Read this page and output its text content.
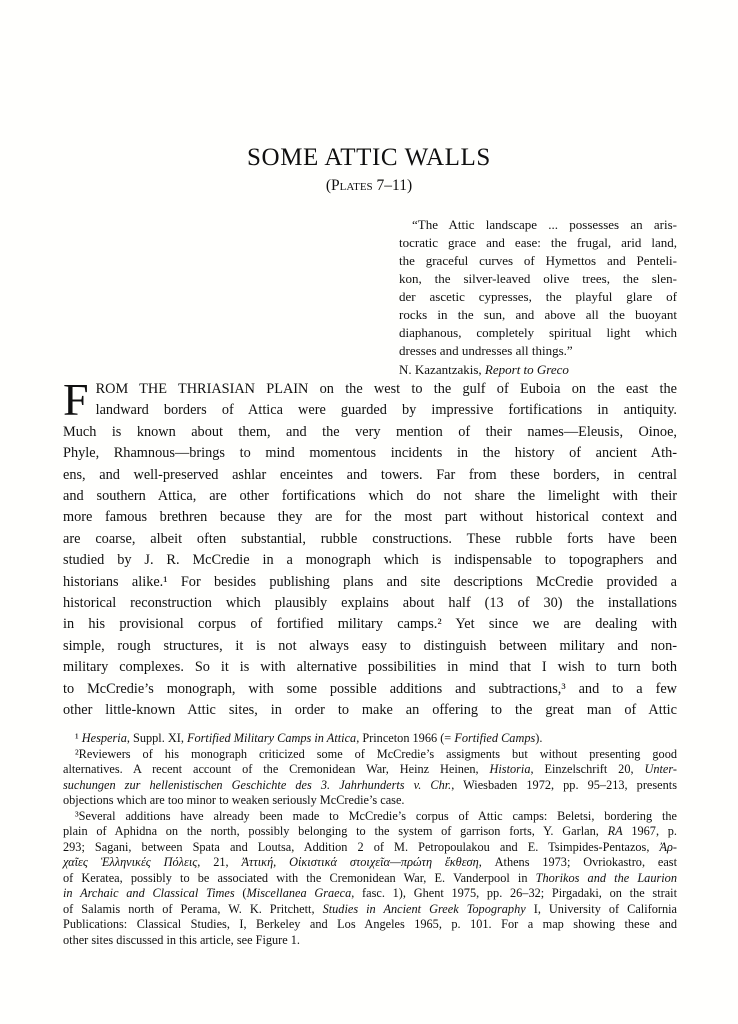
SOME ATTIC WALLS
(Plates 7–11)
“The Attic landscape ... possesses an aris-
tocratic grace and ease: the frugal, arid land,
the graceful curves of Hymettos and Penteli-
kon, the silver-leaved olive trees, the slen-
der ascetic cypresses, the playful glare of
rocks in the sun, and above all the buoyant
diaphanous, completely spiritual light which
dresses and undresses all things.”
N. Kazantzakis, Report to Greco
F ROM THE THRIASIAN PLAIN on the west to the gulf of Euboia on the east the
landward borders of Attica were guarded by impressive fortifications in antiquity.
Much is known about them, and the very mention of their names—Eleusis, Oinoe,
Phyle, Rhamnous—brings to mind momentous incidents in the history of ancient Ath-
ens, and well-preserved ashlar enceintes and towers. Far from these borders, in central
and southern Attica, are other fortifications which do not share the limelight with their
more famous brethren because they are for the most part without historical context and
are coarse, albeit often substantial, rubble constructions. These rubble forts have been
studied by J. R. McCredie in a monograph which is indispensable to topographers and
historians alike.¹ For besides publishing plans and site descriptions McCredie provided a
historical reconstruction which plausibly explains about half (13 of 30) the installations
in his provisional corpus of fortified military camps.² Yet since we are dealing with
simple, rough structures, it is not always easy to distinguish between military and non-
military complexes. So it is with alternative possibilities in mind that I wish to turn both
to McCredie’s monograph, with some possible additions and subtractions,³ and to a few
other little-known Attic sites, in order to make an offering to the great man of Attic
¹ Hesperia, Suppl. XI, Fortified Military Camps in Attica, Princeton 1966 (= Fortified Camps).
²Reviewers of his monograph criticized some of McCredie’s assigments but without presenting good
alternatives. A recent account of the Cremonidean War, Heinz Heinen, Historia, Einzelschrift 20, Unter-
suchungen zur hellenistischen Geschichte des 3. Jahrhunderts v. Chr., Wiesbaden 1972, pp. 95–213, presents
objections which are too minor to weaken seriously McCredie’s case.
³Several additions have already been made to McCredie’s corpus of Attic camps: Beletsi, bordering the
plain of Aphidna on the north, possibly belonging to the system of garrison forts, Y. Garlan, RA 1967, p.
293; Sagani, between Spata and Loutsa, Addition 2 of M. Petropoulakou and E. Tsimpides-Pentazos, Ἀρ-
χαῖες Ἑλληνικές Πόλεις, 21, Ἀττική, Οἰκιστικά στοιχεῖα—πρώτη ἔκθεση, Athens 1973; Ovriokastro, east
of Keratea, possibly to be associated with the Cremonidean War, E. Vanderpool in Thorikos and the Laurion
in Archaic and Classical Times (Miscellanea Graeca, fasc. 1), Ghent 1975, pp. 26–32; Pirgadaki, on the strait
of Salamis north of Perama, W. K. Pritchett, Studies in Ancient Greek Topography I, University of California
Publications: Classical Studies, I, Berkeley and Los Angeles 1965, p. 101. For a map showing these and
other sites discussed in this article, see Figure 1.
